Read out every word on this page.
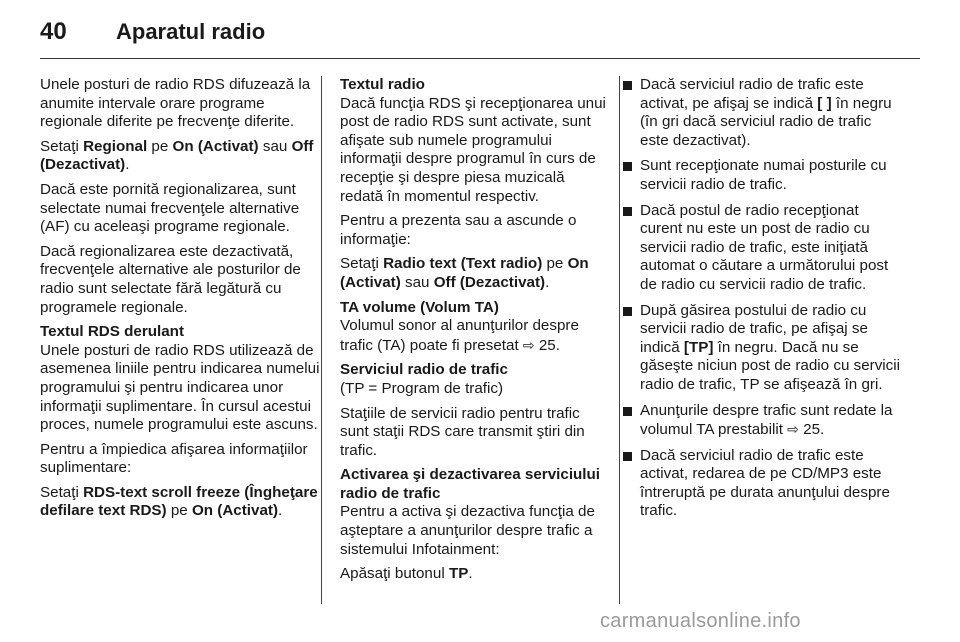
40	Aparatul radio

Unele posturi de radio RDS difuzează la anumite intervale orare programe regionale diferite pe frecvenţe diferite.

Setaţi Regional pe On (Activat) sau Off (Dezactivat).

Dacă este pornită regionalizarea, sunt selectate numai frecvenţele alternative (AF) cu aceleaşi programe regionale.

Dacă regionalizarea este dezactivată, frecvenţele alternative ale posturilor de radio sunt selectate fără legătură cu programele regionale.

Textul RDS derulant

Unele posturi de radio RDS utilizează de asemenea liniile pentru indicarea numelui programului şi pentru indicarea unor informaţii suplimentare. În cursul acestui proces, numele programului este ascuns.

Pentru a împiedica afişarea informaţiilor suplimentare:

Setaţi RDS-text scroll freeze (Îngheţare defilare text RDS) pe On (Activat).

Textul radio

Dacă funcţia RDS şi recepţionarea unui post de radio RDS sunt activate, sunt afişate sub numele programului informaţii despre programul în curs de recepţie şi despre piesa muzicală redată în momentul respectiv.

Pentru a prezenta sau a ascunde o informaţie:

Setaţi Radio text (Text radio) pe On (Activat) sau Off (Dezactivat).

TA volume (Volum TA)

Volumul sonor al anunţurilor despre trafic (TA) poate fi presetat ⇨ 25.

Serviciul radio de trafic

(TP = Program de trafic)

Staţiile de servicii radio pentru trafic sunt staţii RDS care transmit ştiri din trafic.

Activarea şi dezactivarea serviciului radio de trafic

Pentru a activa şi dezactiva funcţia de aşteptare a anunţurilor despre trafic a sistemului Infotainment:

Apăsaţi butonul TP.

Dacă serviciul radio de trafic este activat, pe afişaj se indică [ ] în negru (în gri dacă serviciul radio de trafic este dezactivat).
Sunt recepţionate numai posturile cu servicii radio de trafic.
Dacă postul de radio recepţionat curent nu este un post de radio cu servicii radio de trafic, este iniţiată automat o căutare a următorului post de radio cu servicii radio de trafic.
După găsirea postului de radio cu servicii radio de trafic, pe afişaj se indică [TP] în negru. Dacă nu se găseşte niciun post de radio cu servicii radio de trafic, TP se afişează în gri.
Anunţurile despre trafic sunt redate la volumul TA prestabilit ⇨ 25.
Dacă serviciul radio de trafic este activat, redarea de pe CD/MP3 este întreruptă pe durata anunţului despre trafic.
carmanualsonline.info
